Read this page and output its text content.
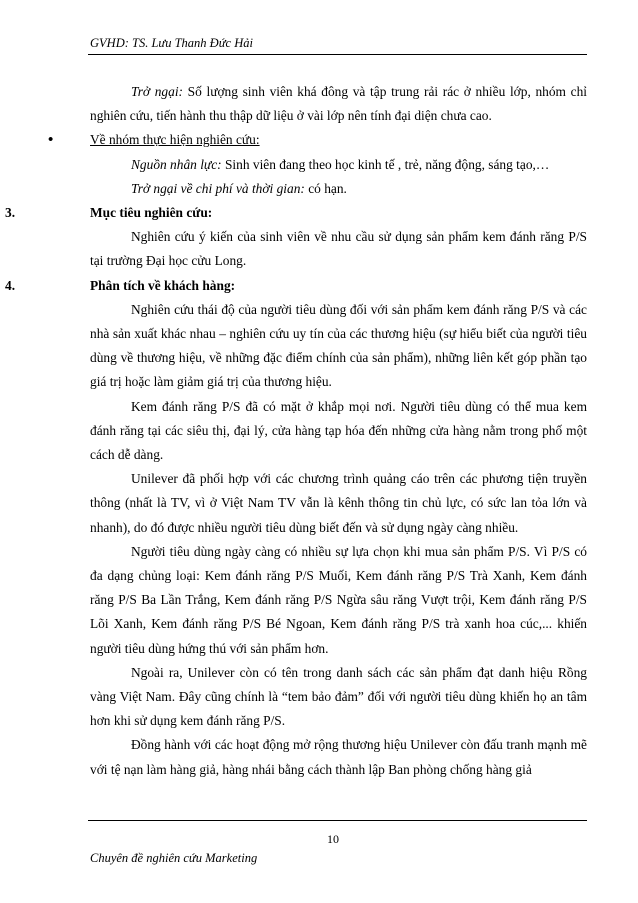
GVHD: TS. Lưu Thanh Đức Hải

Trở ngại: Số lượng sinh viên khá đông và tập trung rải rác ở nhiều lớp, nhóm chỉ nghiên cứu, tiến hành thu thập dữ liệu ở vài lớp nên tính đại diện chưa cao.

•	Về nhóm thực hiện nghiên cứu:

Nguồn nhân lực: Sinh viên đang theo học kinh tế , trẻ, năng động, sáng tạo,…

Trở ngại về chi phí và thời gian: có hạn.

3.	Mục tiêu nghiên cứu:

Nghiên cứu ý kiến của sinh viên về nhu cầu sử dụng sản phẩm kem đánh răng P/S tại trường Đại học cửu Long.

4.	Phân tích về khách hàng:

Nghiên cứu thái độ của người tiêu dùng đối với sản phẩm kem đánh răng P/S và các nhà sản xuất khác nhau – nghiên cứu uy tín của các thương hiệu (sự hiểu biết của người tiêu dùng về thương hiệu, về những đặc điểm chính của sản phẩm), những liên kết góp phần tạo giá trị hoặc làm giảm giá trị của thương hiệu.

Kem đánh răng P/S đã có mặt ở khắp mọi nơi. Người tiêu dùng có thể mua kem đánh răng tại các siêu thị, đại lý, cửa hàng tạp hóa đến những cửa hàng nằm trong phố một cách dễ dàng.

Unilever đã phối hợp với các chương trình quảng cáo trên các phương tiện truyền thông (nhất là TV, vì ở Việt Nam TV vẫn là kênh thông tin chủ lực, có sức lan tỏa lớn và nhanh), do đó được nhiều người tiêu dùng biết đến và sử dụng ngày càng nhiều.

Người tiêu dùng ngày càng có nhiều sự lựa chọn khi mua sản phẩm P/S. Vì P/S có đa dạng chủng loại: Kem đánh răng P/S Muối, Kem đánh răng P/S Trà Xanh, Kem đánh răng P/S Ba Lần Trắng, Kem đánh răng P/S Ngừa sâu răng Vượt trội, Kem đánh răng P/S Lõi Xanh, Kem đánh răng P/S Bé Ngoan, Kem đánh răng P/S trà xanh hoa cúc,... khiến người tiêu dùng hứng thú với sản phẩm hơn.

Ngoài ra, Unilever còn có tên trong danh sách các sản phẩm đạt danh hiệu Rồng vàng Việt Nam. Đây cũng chính là “tem bảo đảm” đối với người tiêu dùng khiến họ an tâm hơn khi sử dụng kem đánh răng P/S.

Đồng hành với các hoạt động mở rộng thương hiệu Unilever còn đấu tranh mạnh mẽ với tệ nạn làm hàng giả, hàng nhái bằng cách thành lập Ban phòng chống hàng giả

10
Chuyên đề nghiên cứu Marketing
